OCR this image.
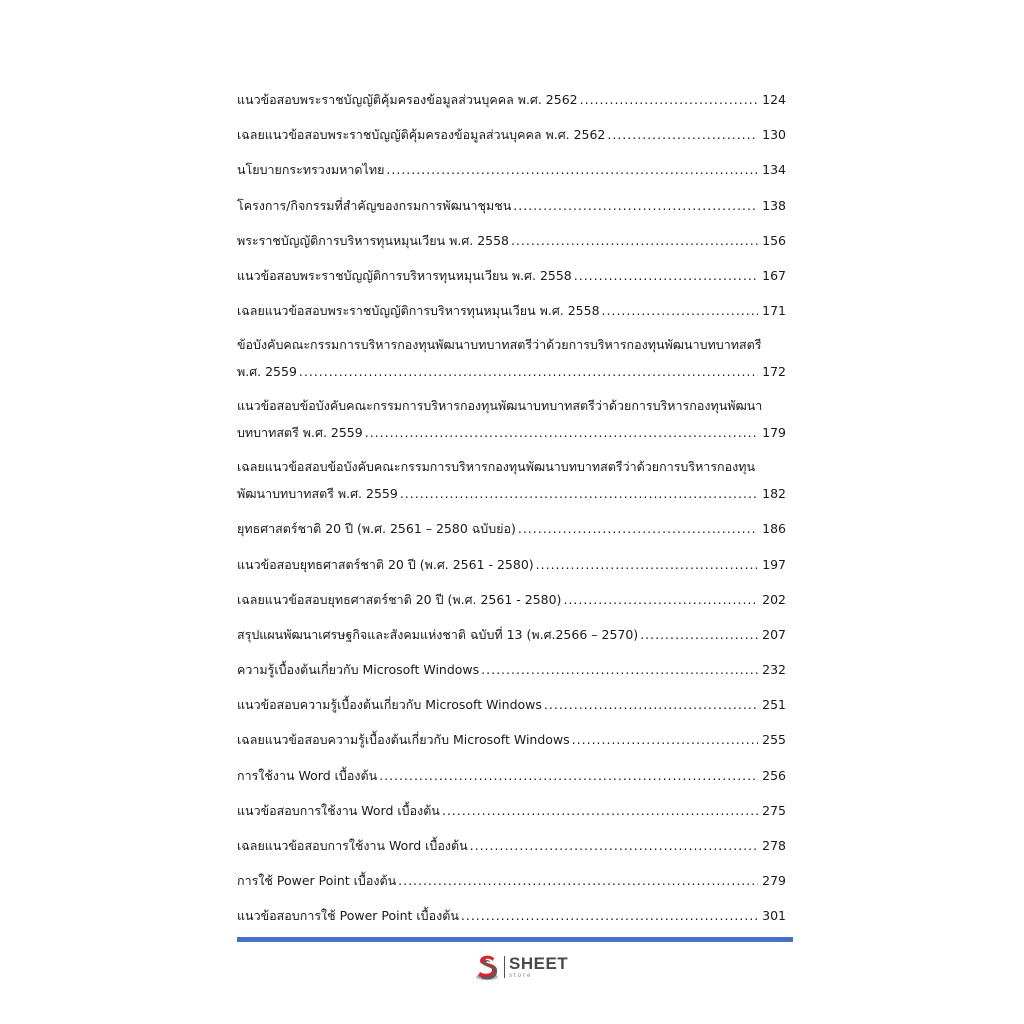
แนวข้อสอบพระราชบัญญัติคุ้มครองข้อมูลส่วนบุคคล พ.ศ. 2562 .....	124
เฉลยแนวข้อสอบพระราชบัญญัติคุ้มครองข้อมูลส่วนบุคคล พ.ศ. 2562 .....	130
นโยบายกระทรวงมหาดไทย .....	134
โครงการ/กิจกรรมที่สำคัญของกรมการพัฒนาชุมชน .....	138
พระราชบัญญัติการบริหารทุนหมุนเวียน พ.ศ. 2558 .....	156
แนวข้อสอบพระราชบัญญัติการบริหารทุนหมุนเวียน พ.ศ. 2558 .....	167
เฉลยแนวข้อสอบพระราชบัญญัติการบริหารทุนหมุนเวียน พ.ศ. 2558 .....	171
ข้อบังคับคณะกรรมการบริหารกองทุนพัฒนาบทบาทสตรีว่าด้วยการบริหารกองทุนพัฒนาบทบาทสตรี
พ.ศ. 2559 .....	172
แนวข้อสอบข้อบังคับคณะกรรมการบริหารกองทุนพัฒนาบทบาทสตรีว่าด้วยการบริหารกองทุนพัฒนา
บทบาทสตรี พ.ศ. 2559 .....	179
เฉลยแนวข้อสอบข้อบังคับคณะกรรมการบริหารกองทุนพัฒนาบทบาทสตรีว่าด้วยการบริหารกองทุน
พัฒนาบทบาทสตรี พ.ศ. 2559 .....	182
ยุทธศาสตร์ชาติ 20 ปี (พ.ศ. 2561 – 2580 ฉบับย่อ) .....	186
แนวข้อสอบยุทธศาสตร์ชาติ 20 ปี (พ.ศ. 2561 - 2580) .....	197
เฉลยแนวข้อสอบยุทธศาสตร์ชาติ 20 ปี (พ.ศ. 2561 - 2580) .....	202
สรุปแผนพัฒนาเศรษฐกิจและสังคมแห่งชาติ ฉบับที่ 13 (พ.ศ.2566 – 2570) .....	207
ความรู้เบื้องต้นเกี่ยวกับ Microsoft Windows .....	232
แนวข้อสอบความรู้เบื้องต้นเกี่ยวกับ Microsoft Windows .....	251
เฉลยแนวข้อสอบความรู้เบื้องต้นเกี่ยวกับ Microsoft Windows .....	255
การใช้งาน Word เบื้องต้น .....	256
แนวข้อสอบการใช้งาน Word เบื้องต้น .....	275
เฉลยแนวข้อสอบการใช้งาน Word เบื้องต้น .....	278
การใช้ Power Point เบื้องต้น .....	279
แนวข้อสอบการใช้ Power Point เบื้องต้น .....	301
SHEET
store
